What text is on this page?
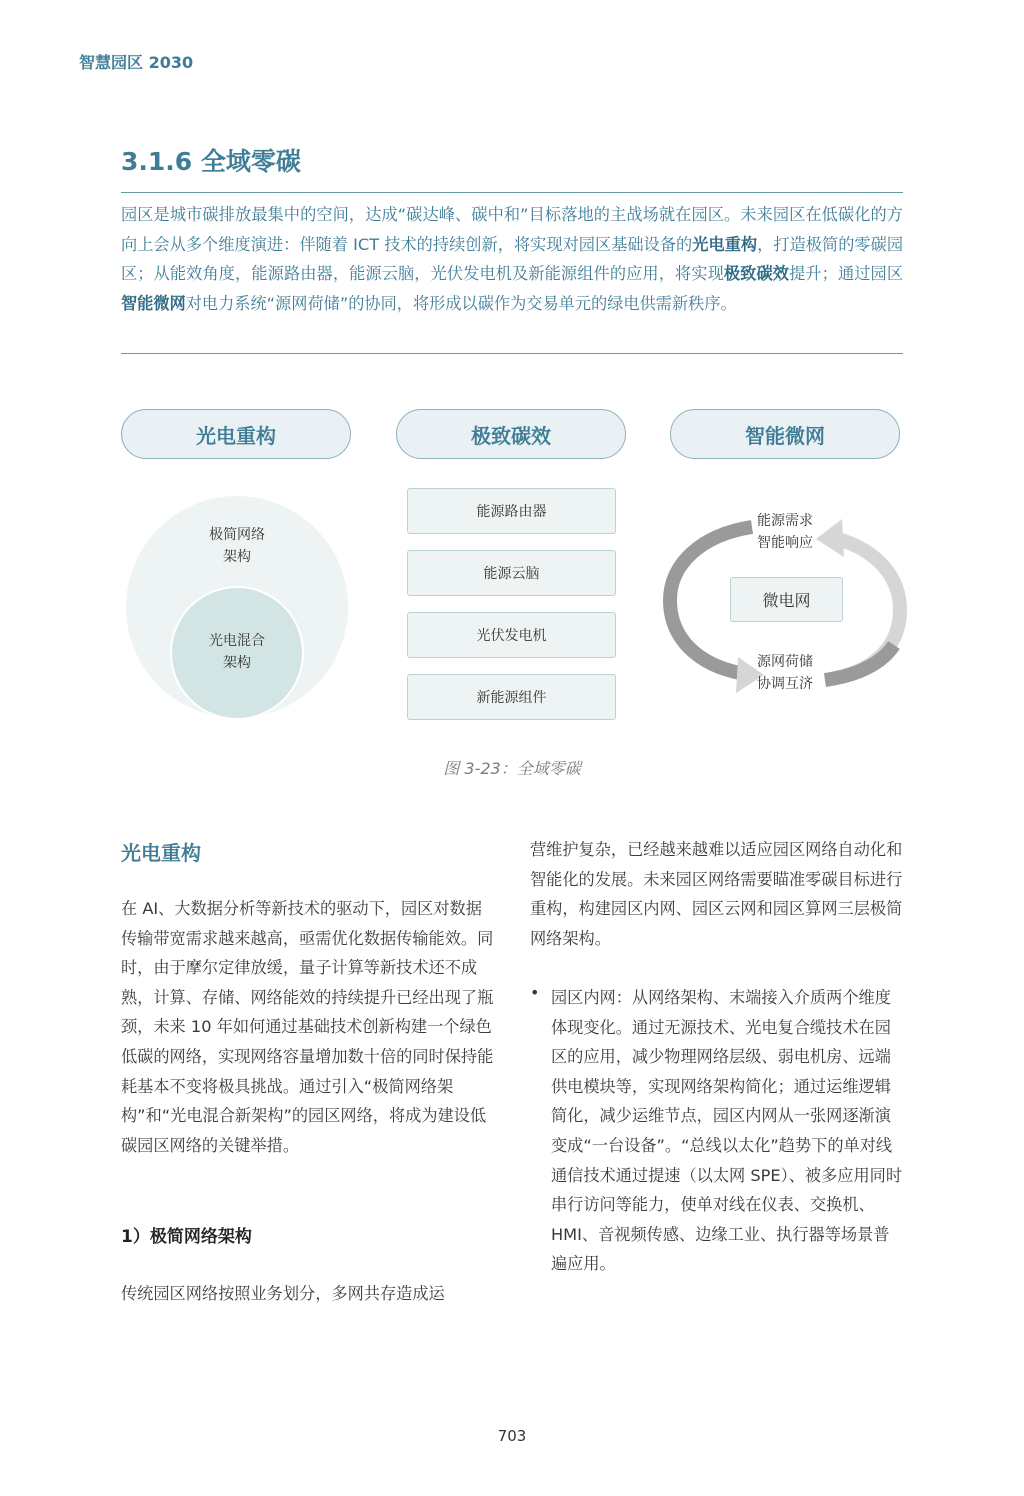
智慧园区 2030
3.1.6 全域零碳
园区是城市碳排放最集中的空间，达成“碳达峰、碳中和”目标落地的主战场就在园区。未来园区在低碳化的方向上会从多个维度演进：伴随着 ICT 技术的持续创新，将实现对园区基础设备的光电重构，打造极简的零碳园区；从能效角度，能源路由器，能源云脑，光伏发电机及新能源组件的应用，将实现极致碳效提升；通过园区智能微网对电力系统“源网荷储”的协同，将形成以碳作为交易单元的绿电供需新秩序。
光电重构	极致碳效	智能微网
极简网络
架构
光电混合
架构
能源路由器
能源云脑
光伏发电机
新能源组件
能源需求
智能响应
微电网
源网荷储
协调互济
图 3-23：全域零碳
光电重构
在 AI、大数据分析等新技术的驱动下，园区对数据传输带宽需求越来越高，亟需优化数据传输能效。同时，由于摩尔定律放缓，量子计算等新技术还不成熟，计算、存储、网络能效的持续提升已经出现了瓶颈，未来 10 年如何通过基础技术创新构建一个绿色低碳的网络，实现网络容量增加数十倍的同时保持能耗基本不变将极具挑战。通过引入“极简网络架构”和“光电混合新架构”的园区网络，将成为建设低碳园区网络的关键举措。
1）极简网络架构
传统园区网络按照业务划分，多网共存造成运
营维护复杂，已经越来越难以适应园区网络自动化和智能化的发展。未来园区网络需要瞄准零碳目标进行重构，构建园区内网、园区云网和园区算网三层极简网络架构。
• 园区内网：从网络架构、末端接入介质两个维度体现变化。通过无源技术、光电复合缆技术在园区的应用，减少物理网络层级、弱电机房、远端供电模块等，实现网络架构简化；通过运维逻辑简化，减少运维节点，园区内网从一张网逐渐演变成“一台设备”。“总线以太化”趋势下的单对线通信技术通过提速（以太网 SPE）、被多应用同时串行访问等能力，使单对线在仪表、交换机、HMI、音视频传感、边缘工业、执行器等场景普遍应用。
703
